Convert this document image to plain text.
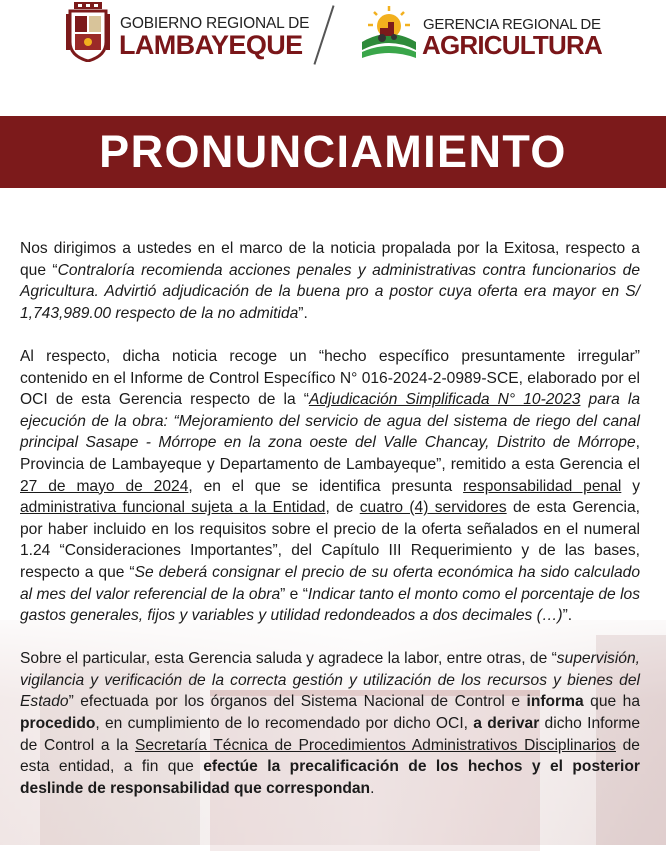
GOBIERNO REGIONAL DE
LAMBAYEQUE
GERENCIA REGIONAL DE
AGRICULTURA
PRONUNCIAMIENTO

Nos dirigimos a ustedes en el marco de la noticia propalada por la Exitosa, respecto a que “Contraloría recomienda acciones penales y administrativas contra funcionarios de Agricultura. Advirtió adjudicación de la buena pro a postor cuya oferta era mayor en S/ 1,743,989.00 respecto de la no admitida”.

Al respecto, dicha noticia recoge un “hecho específico presuntamente irregular” contenido en el Informe de Control Específico N° 016-2024-2-0989-SCE, elaborado por el OCI de esta Gerencia respecto de la “Adjudicación Simplificada N° 10-2023 para la ejecución de la obra: “Mejoramiento del servicio de agua del sistema de riego del canal principal Sasape - Mórrope en la zona oeste del Valle Chancay, Distrito de Mórrope, Provincia de Lambayeque y Departamento de Lambayeque”, remitido a esta Gerencia el 27 de mayo de 2024, en el que se identifica presunta responsabilidad penal y administrativa funcional sujeta a la Entidad, de cuatro (4) servidores de esta Gerencia, por haber incluido en los requisitos sobre el precio de la oferta señalados en el numeral 1.24 “Consideraciones Importantes”, del Capítulo III Requerimiento y de las bases, respecto a que “Se deberá consignar el precio de su oferta económica ha sido calculado al mes del valor referencial de la obra” e “Indicar tanto el monto como el porcentaje de los gastos generales, fijos y variables y utilidad redondeados a dos decimales (…)”.

Sobre el particular, esta Gerencia saluda y agradece la labor, entre otras, de “supervisión, vigilancia y verificación de la correcta gestión y utilización de los recursos y bienes del Estado” efectuada por los órganos del Sistema Nacional de Control e informa que ha procedido, en cumplimiento de lo recomendado por dicho OCI, a derivar dicho Informe de Control a la Secretaría Técnica de Procedimientos Administrativos Disciplinarios de esta entidad, a fin que efectúe la precalificación de los hechos y el posterior deslinde de responsabilidad que correspondan.
